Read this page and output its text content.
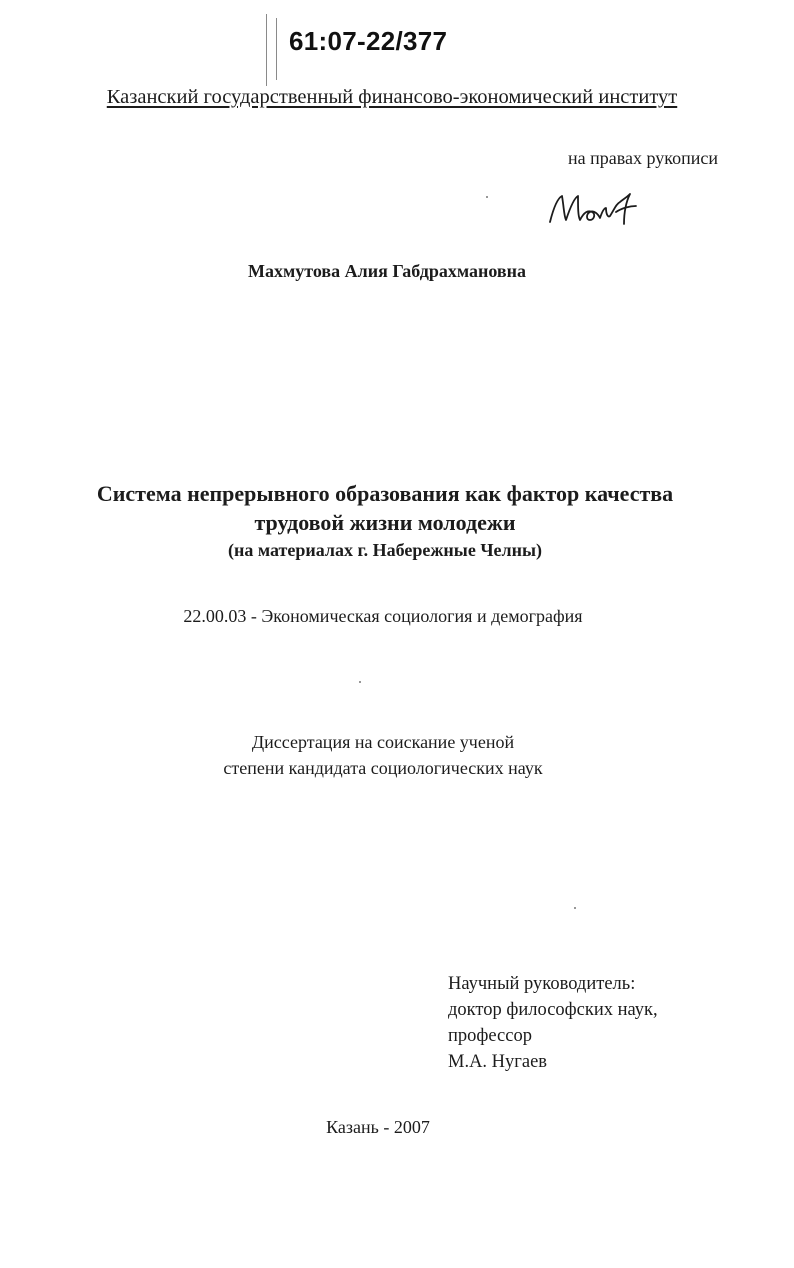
61:07-22/377
Казанский государственный финансово-экономический институт
на правах рукописи
Махмутова Алия Габдрахмановна
Система непрерывного образования как фактор качества
трудовой жизни молодежи
(на материалах г. Набережные Челны)
22.00.03 - Экономическая социология и демография
Диссертация на соискание ученой
степени кандидата социологических наук
Научный руководитель:
доктор философских наук,
профессор
М.А. Нугаев
Казань - 2007
